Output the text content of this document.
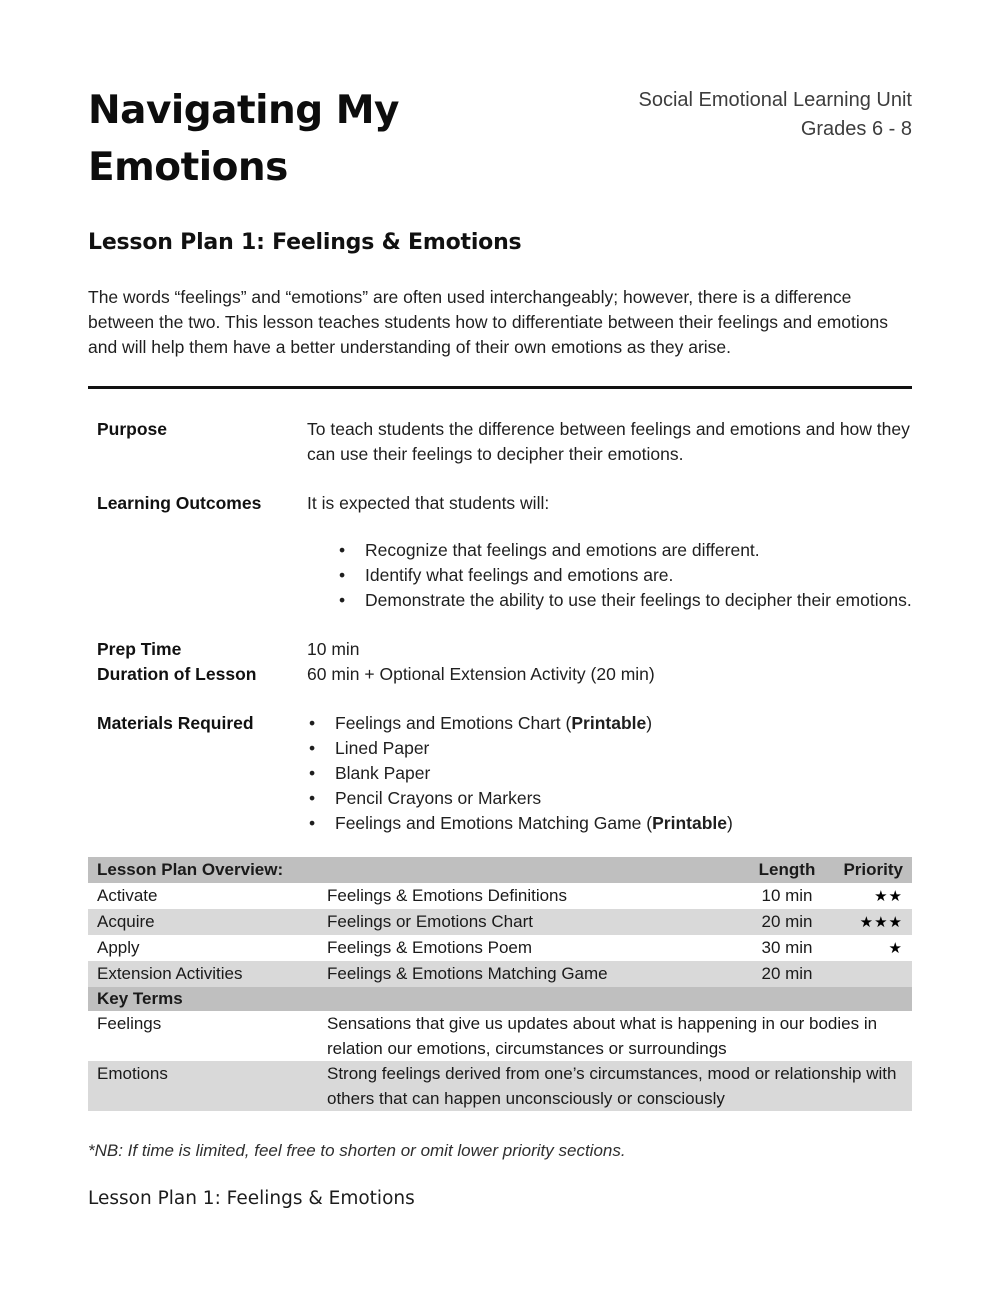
Navigating My
Emotions
Social Emotional Learning Unit
Grades 6 - 8
Lesson Plan 1: Feelings & Emotions

The words “feelings” and “emotions” are often used interchangeably; however, there is a difference between the two. This lesson teaches students how to differentiate between their feelings and emotions and will help them have a better understanding of their own emotions as they arise.

Purpose	To teach students the difference between feelings and emotions and how they can use their feelings to decipher their emotions.
Learning Outcomes	It is expected that students will:
• Recognize that feelings and emotions are different.
• Identify what feelings and emotions are.
• Demonstrate the ability to use their feelings to decipher their emotions.
Prep Time	10 min
Duration of Lesson	60 min + Optional Extension Activity (20 min)
Materials Required	• Feelings and Emotions Chart (Printable)
• Lined Paper
• Blank Paper
• Pencil Crayons or Markers
• Feelings and Emotions Matching Game (Printable)
Lesson Plan Overview:	Length	Priority
Activate	Feelings & Emotions Definitions	10 min	★★
Acquire	Feelings or Emotions Chart	20 min	★★★
Apply	Feelings & Emotions Poem	30 min	★
Extension Activities	Feelings & Emotions Matching Game	20 min
Key Terms
Feelings	Sensations that give us updates about what is happening in our bodies in relation our emotions, circumstances or surroundings
Emotions	Strong feelings derived from one’s circumstances, mood or relationship with others that can happen unconsciously or consciously

*NB: If time is limited, feel free to shorten or omit lower priority sections.

Lesson Plan 1: Feelings & Emotions
